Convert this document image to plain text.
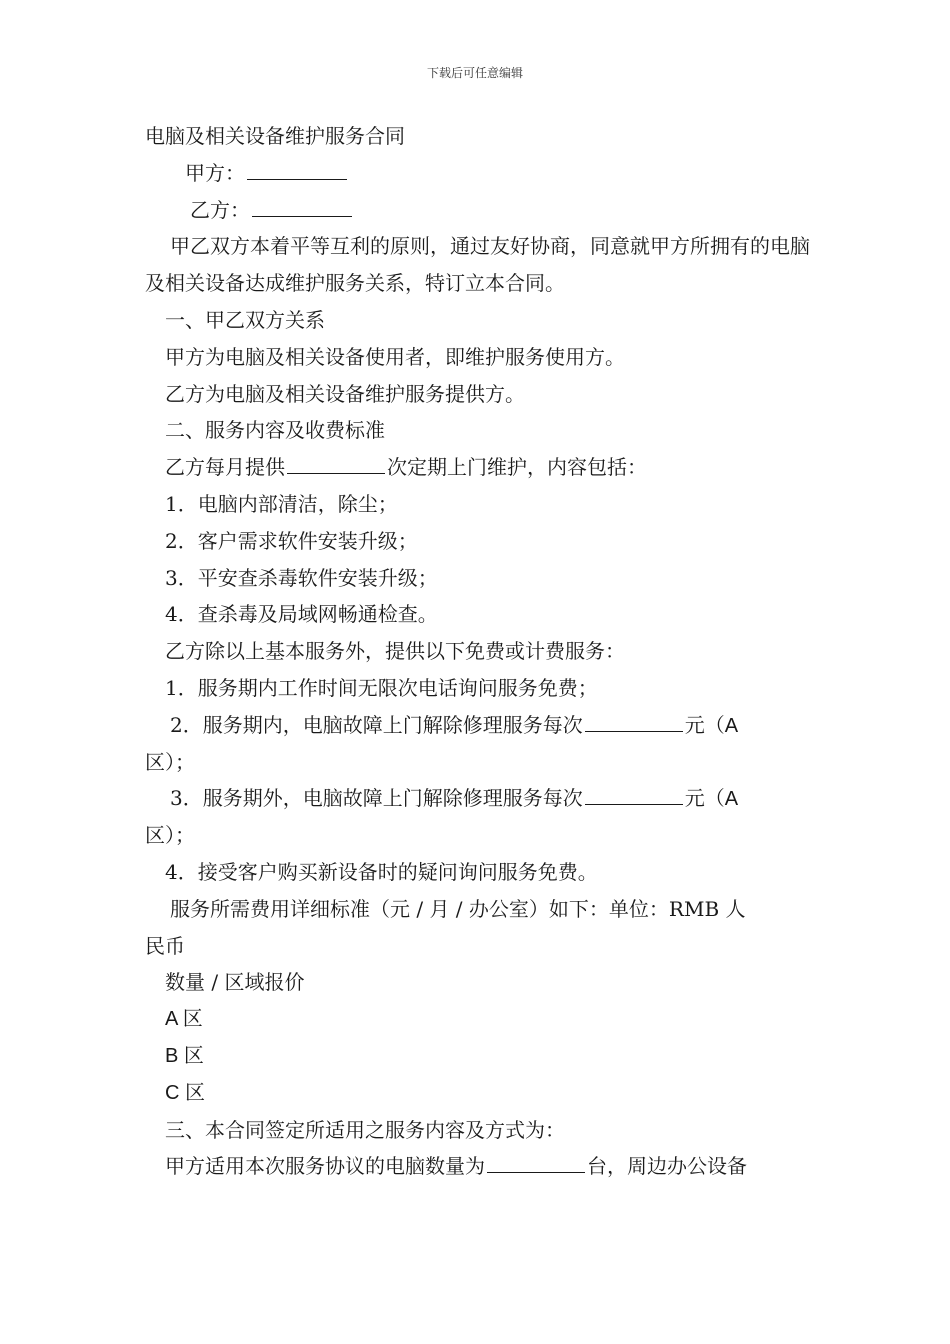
下载后可任意编辑
电脑及相关设备维护服务合同
甲方：
乙方：
甲乙双方本着平等互利的原则，通过友好协商，同意就甲方所拥有的电脑及相关设备达成维护服务关系，特订立本合同。
一、甲乙双方关系
甲方为电脑及相关设备使用者，即维护服务使用方。
乙方为电脑及相关设备维护服务提供方。
二、服务内容及收费标准
乙方每月提供	次定期上门维护，内容包括：
1．电脑内部清洁，除尘；
2．客户需求软件安装升级；
3．平安查杀毒软件安装升级；
4．查杀毒及局域网畅通检查。
乙方除以上基本服务外，提供以下免费或计费服务：
1．服务期内工作时间无限次电话询问服务免费；
2．服务期内，电脑故障上门解除修理服务每次	元（A
区）；
3．服务期外，电脑故障上门解除修理服务每次	元（A
区）；
4．接受客户购买新设备时的疑问询问服务免费。
服务所需费用详细标准（元 / 月 / 办公室）如下：单位：RMB 人
民币
数量 / 区域报价
A 区
B 区
C 区
三、本合同签定所适用之服务内容及方式为：
甲方适用本次服务协议的电脑数量为	台，周边办公设备
